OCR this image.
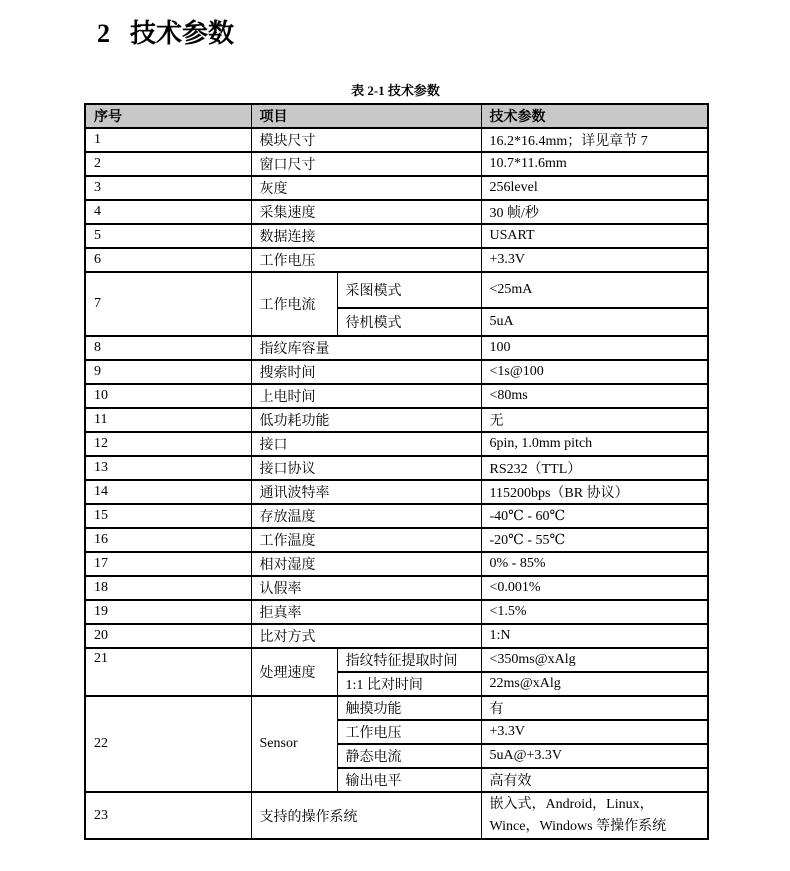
2 技术参数
表 2-1 技术参数
序号	项目		技术参数
1	模块尺寸		16.2*16.4mm；详见章节 7
2	窗口尺寸		10.7*11.6mm
3	灰度		256level
4	采集速度		30 帧/秒
5	数据连接		USART
6	工作电压		+3.3V
7	工作电流	采图模式	<25mA
		待机模式	5uA
8	指纹库容量		100
9	搜索时间		<1s@100
10	上电时间		<80ms
11	低功耗功能		无
12	接口		6pin, 1.0mm pitch
13	接口协议		RS232（TTL）
14	通讯波特率		115200bps（BR 协议）
15	存放温度		-40℃ - 60℃
16	工作温度		-20℃ - 55℃
17	相对湿度		0% - 85%
18	认假率		<0.001%
19	拒真率		<1.5%
20	比对方式		1:N
21	处理速度	指纹特征提取时间	<350ms@xAlg
		1:1 比对时间	22ms@xAlg
22	Sensor	触摸功能	有
		工作电压	+3.3V
		静态电流	5uA@+3.3V
		输出电平	高有效
23	支持的操作系统		嵌入式，Android，Linux，Wince，Windows 等操作系统
